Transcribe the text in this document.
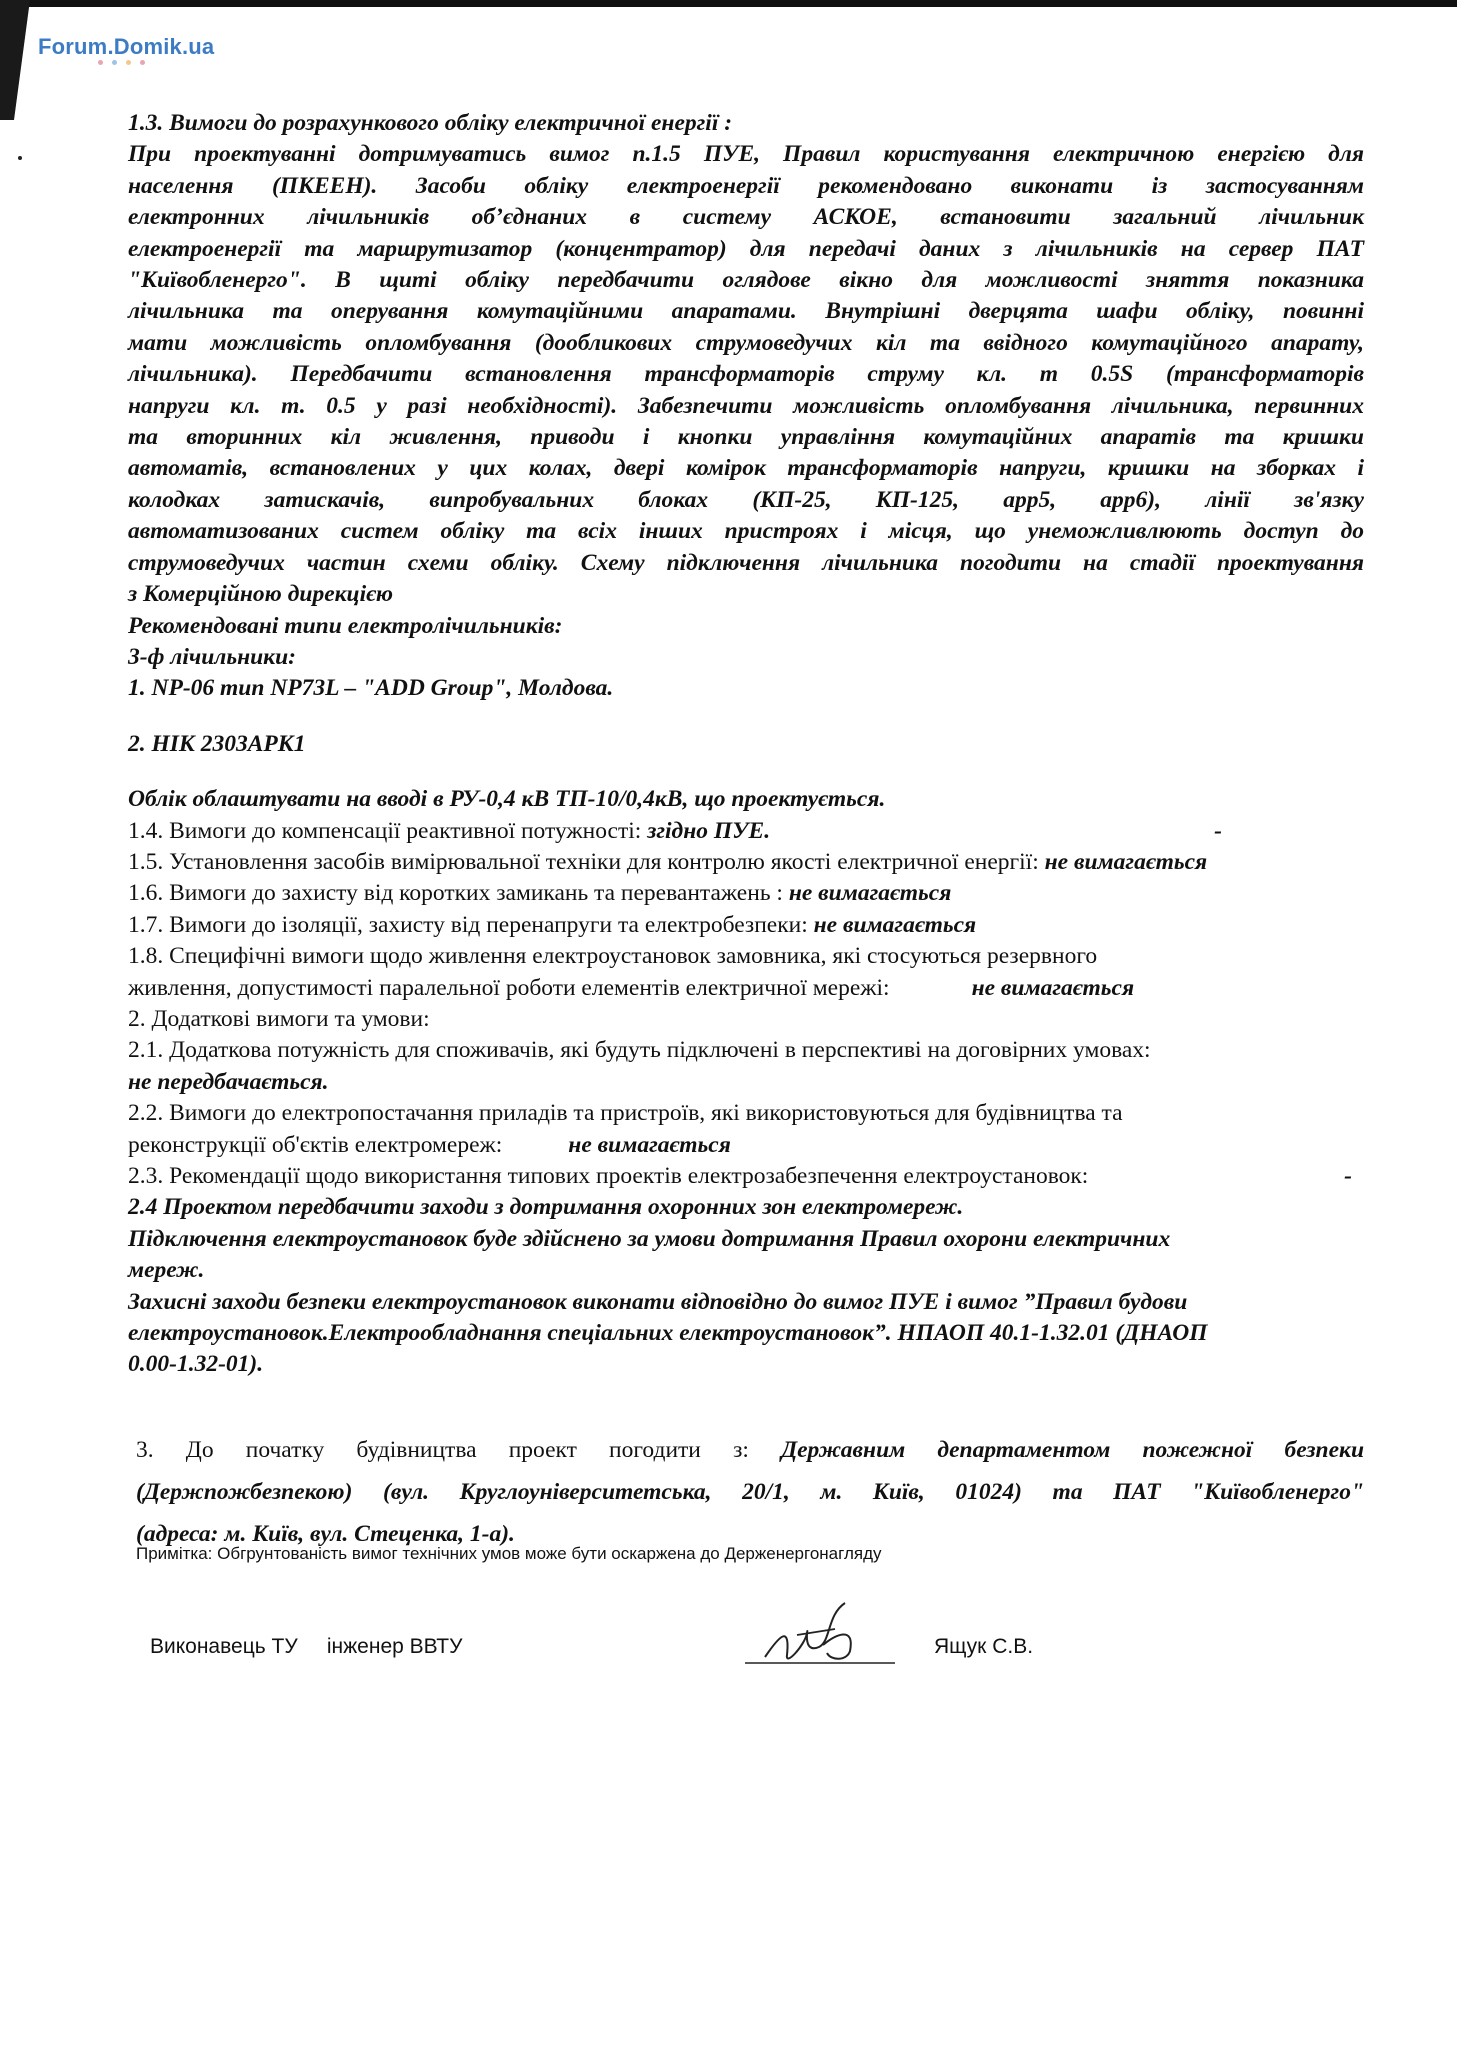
Forum.Domik.ua
1.3. Вимоги до розрахункового обліку електричної енергії :
При проектуванні дотримуватись вимог п.1.5 ПУЕ, Правил користування електричною енергією для
населення (ПКЕЕН). Засоби обліку електроенергії рекомендовано виконати із застосуванням
електронних лічильників об’єднаних в систему АСКОЕ, встановити загальний лічильник
електроенергії та маршрутизатор (концентратор) для передачі даних з лічильників на сервер ПАТ
"Київобленерго". В щиті обліку передбачити оглядове вікно для можливості зняття показника
лічильника та оперування комутаційними апаратами. Внутрішні дверцята шафи обліку, повинні
мати можливість опломбування (дообликових струмоведучих кіл та ввідного комутаційного апарату,
лічильника). Передбачити встановлення трансформаторів струму кл. т 0.5S (трансформаторів
напруги кл. т. 0.5 у разі необхідності). Забезпечити можливість опломбування лічильника, первинних
та вторинних кіл живлення, приводи і кнопки управління комутаційних апаратів та кришки
автоматів, встановлених у цих колах, двері комірок трансформаторів напруги, кришки на зборках і
колодках затискачів, випробувальних блоках (КП-25, КП-125, арр5, арр6), лінії зв'язку
автоматизованих систем обліку та всіх інших пристроях і місця, що унеможливлюють доступ до
струмоведучих частин схеми обліку. Схему підключення лічильника погодити на стадії проектування
з Комерційною дирекцією
Рекомендовані типи електролічильників:
3-ф лічильники:
1. NP-06 тип NP73L – "ADD Group", Молдова.
2. НІК 2303АРК1
Облік облаштувати на вводі в РУ-0,4 кВ ТП-10/0,4кВ, що проектується.
1.4. Вимоги до компенсації реактивної потужності: згідно ПУЕ.	-
1.5. Установлення засобів вимірювальної техніки для контролю якості електричної енергії: не вимагається
1.6. Вимоги до захисту від коротких замикань та перевантажень : не вимагається
1.7. Вимоги до ізоляції, захисту від перенапруги та електробезпеки: не вимагається
1.8. Специфічні вимоги щодо живлення електроустановок замовника, які стосуються резервного
живлення, допустимості паралельної роботи елементів електричної мережі:	не вимагається
2. Додаткові вимоги та умови:
2.1. Додаткова потужність для споживачів, які будуть підключені в перспективі на договірних умовах:
не передбачається.
2.2. Вимоги до електропостачання приладів та пристроїв, які використовуються для будівництва та
реконструкції об'єктів електромереж:	не вимагається
2.3. Рекомендації щодо використання типових проектів електрозабезпечення електроустановок:	-
2.4 Проектом передбачити заходи з дотримання охоронних зон електромереж.
Підключення електроустановок буде здійснено за умови дотримання Правил охорони електричних
мереж.
Захисні заходи безпеки електроустановок виконати відповідно до вимог ПУЕ і вимог ”Правил будови
електроустановок.Електрообладнання спеціальних електроустановок”. НПАОП 40.1-1.32.01 (ДНАОП
0.00-1.32-01).
3. До початку будівництва проект погодити з: Державним департаментом пожежної безпеки
(Держпожбезпекою) (вул. Круглоуніверситетська, 20/1, м. Київ, 01024) та ПАТ "Київобленерго"
(адреса: м. Київ, вул. Стеценка, 1-а).
Примітка: Обгрунтованість вимог технічних умов може бути оскаржена до Держенергонагляду
Виконавець ТУ інженер ВВТУ	Ящук С.В.
